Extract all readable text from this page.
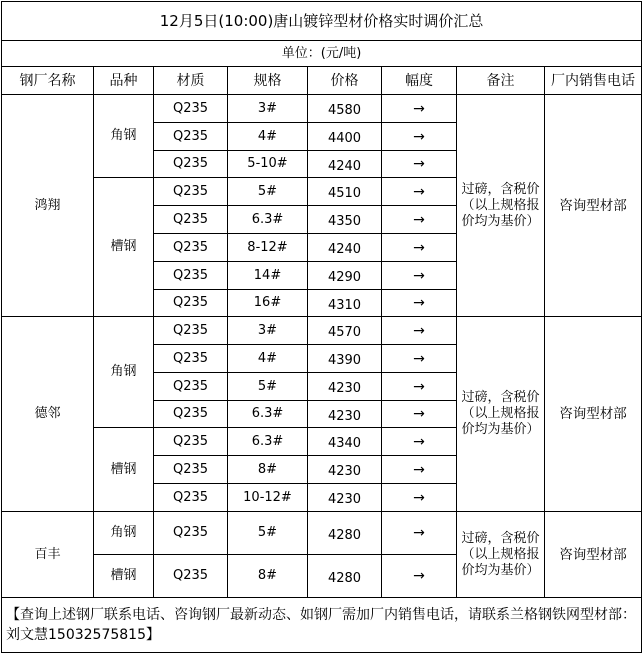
12月5日(10:00)唐山镀锌型材价格实时调价汇总							
单位：(元/吨)							
钢厂名称	品种	材质	规格	价格	幅度	备注	厂内销售电话
鸿翔	角钢	Q235	3#	4580	→	过磅，含税价（以上规格报价均为基价）	咨询型材部
		Q235	4#	4400	→		
		Q235	5-10#	4240	→		
	槽钢	Q235	5#	4510	→		
		Q235	6.3#	4350	→		
		Q235	8-12#	4240	→		
		Q235	14#	4290	→		
		Q235	16#	4310	→		
德邻	角钢	Q235	3#	4570	→	过磅，含税价（以上规格报价均为基价）	咨询型材部
		Q235	4#	4390	→		
		Q235	5#	4230	→		
		Q235	6.3#	4230	→		
	槽钢	Q235	6.3#	4340	→		
		Q235	8#	4230	→		
		Q235	10-12#	4230	→		
百丰	角钢	Q235	5#	4280	→	过磅，含税价（以上规格报价均为基价）	咨询型材部
	槽钢	Q235	8#	4280	→		
【查询上述钢厂联系电话、咨询钢厂最新动态、如钢厂需加厂内销售电话，请联系兰格钢铁网型材部：刘文慧15032575815】							
